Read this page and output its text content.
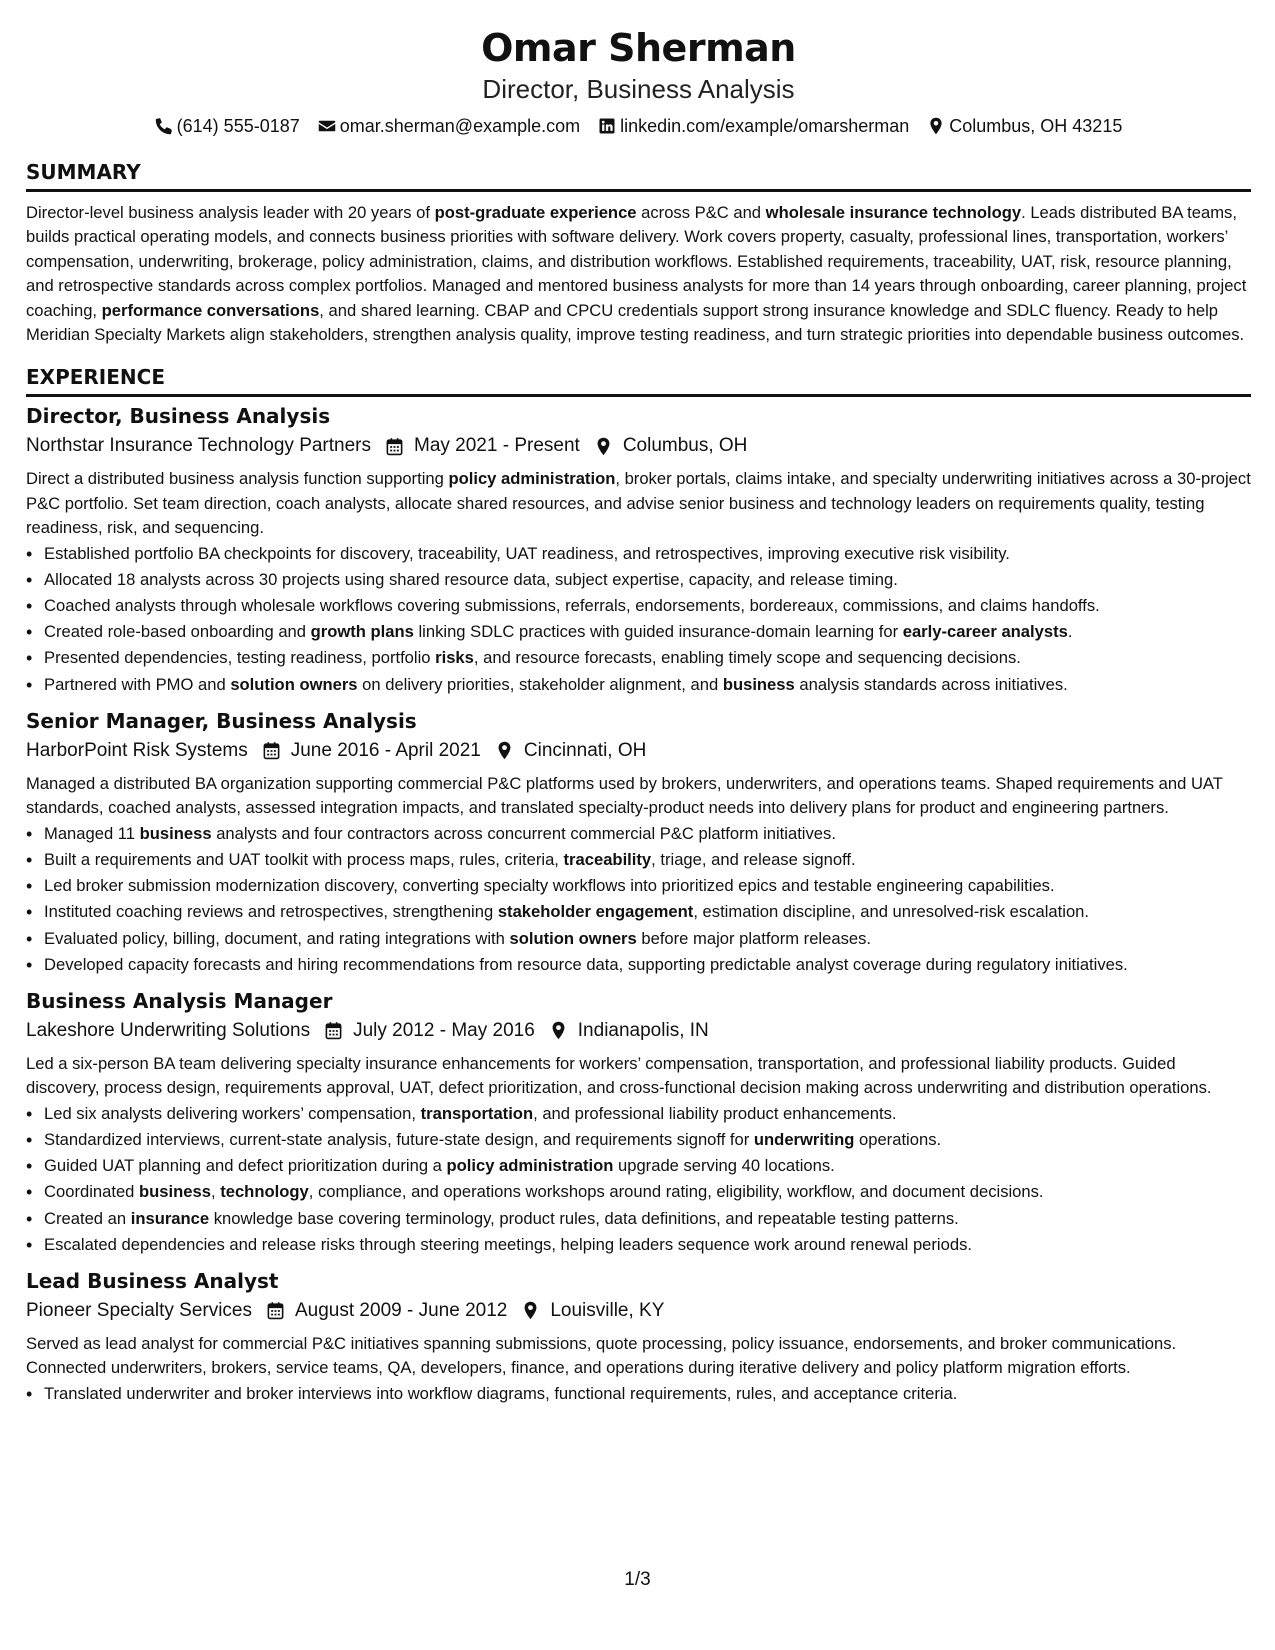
Omar Sherman
Director, Business Analysis
(614) 555-0187 omar.sherman@example.com linkedin.com/example/omarsherman Columbus, OH 43215
SUMMARY

Director-level business analysis leader with 20 years of post-graduate experience across P&C and wholesale insurance technology. Leads distributed BA teams, builds practical operating models, and connects business priorities with software delivery. Work covers property, casualty, professional lines, transportation, workers’ compensation, underwriting, brokerage, policy administration, claims, and distribution workflows. Established requirements, traceability, UAT, risk, resource planning, and retrospective standards across complex portfolios. Managed and mentored business analysts for more than 14 years through onboarding, career planning, project coaching, performance conversations, and shared learning. CBAP and CPCU credentials support strong insurance knowledge and SDLC fluency. Ready to help Meridian Specialty Markets align stakeholders, strengthen analysis quality, improve testing readiness, and turn strategic priorities into dependable business outcomes.

EXPERIENCE
Director, Business Analysis
Northstar Insurance Technology Partners May 2021 - Present Columbus, OH

Direct a distributed business analysis function supporting policy administration, broker portals, claims intake, and specialty underwriting initiatives across a 30-project P&C portfolio. Set team direction, coach analysts, allocate shared resources, and advise senior business and technology leaders on requirements quality, testing readiness, risk, and sequencing.

• Established portfolio BA checkpoints for discovery, traceability, UAT readiness, and retrospectives, improving executive risk visibility.
• Allocated 18 analysts across 30 projects using shared resource data, subject expertise, capacity, and release timing.
• Coached analysts through wholesale workflows covering submissions, referrals, endorsements, bordereaux, commissions, and claims handoffs.
• Created role-based onboarding and growth plans linking SDLC practices with guided insurance-domain learning for early-career analysts.
• Presented dependencies, testing readiness, portfolio risks, and resource forecasts, enabling timely scope and sequencing decisions.
• Partnered with PMO and solution owners on delivery priorities, stakeholder alignment, and business analysis standards across initiatives.
Senior Manager, Business Analysis
HarborPoint Risk Systems June 2016 - April 2021 Cincinnati, OH

Managed a distributed BA organization supporting commercial P&C platforms used by brokers, underwriters, and operations teams. Shaped requirements and UAT standards, coached analysts, assessed integration impacts, and translated specialty-product needs into delivery plans for product and engineering partners.

• Managed 11 business analysts and four contractors across concurrent commercial P&C platform initiatives.
• Built a requirements and UAT toolkit with process maps, rules, criteria, traceability, triage, and release signoff.
• Led broker submission modernization discovery, converting specialty workflows into prioritized epics and testable engineering capabilities.
• Instituted coaching reviews and retrospectives, strengthening stakeholder engagement, estimation discipline, and unresolved-risk escalation.
• Evaluated policy, billing, document, and rating integrations with solution owners before major platform releases.
• Developed capacity forecasts and hiring recommendations from resource data, supporting predictable analyst coverage during regulatory initiatives.
Business Analysis Manager
Lakeshore Underwriting Solutions July 2012 - May 2016 Indianapolis, IN

Led a six-person BA team delivering specialty insurance enhancements for workers’ compensation, transportation, and professional liability products. Guided discovery, process design, requirements approval, UAT, defect prioritization, and cross-functional decision making across underwriting and distribution operations.

• Led six analysts delivering workers’ compensation, transportation, and professional liability product enhancements.
• Standardized interviews, current-state analysis, future-state design, and requirements signoff for underwriting operations.
• Guided UAT planning and defect prioritization during a policy administration upgrade serving 40 locations.
• Coordinated business, technology, compliance, and operations workshops around rating, eligibility, workflow, and document decisions.
• Created an insurance knowledge base covering terminology, product rules, data definitions, and repeatable testing patterns.
• Escalated dependencies and release risks through steering meetings, helping leaders sequence work around renewal periods.
Lead Business Analyst
Pioneer Specialty Services August 2009 - June 2012 Louisville, KY

Served as lead analyst for commercial P&C initiatives spanning submissions, quote processing, policy issuance, endorsements, and broker communications. Connected underwriters, brokers, service teams, QA, developers, finance, and operations during iterative delivery and policy platform migration efforts.

• Translated underwriter and broker interviews into workflow diagrams, functional requirements, rules, and acceptance criteria.
1/3
